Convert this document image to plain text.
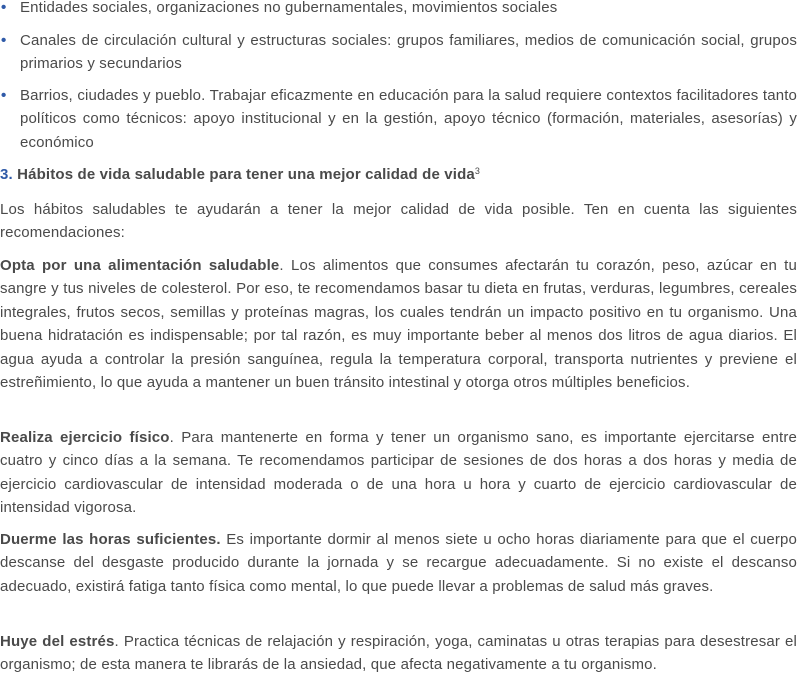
• Entidades sociales, organizaciones no gubernamentales, movimientos sociales
• Canales de circulación cultural y estructuras sociales: grupos familiares, medios de comunicación social, grupos primarios y secundarios
• Barrios, ciudades y pueblo. Trabajar eficazmente en educación para la salud requiere contextos facilitadores tanto políticos como técnicos: apoyo institucional y en la gestión, apoyo técnico (formación, materiales, asesorías) y económico
3. Hábitos de vida saludable para tener una mejor calidad de vida$^3$

Los hábitos saludables te ayudarán a tener la mejor calidad de vida posible. Ten en cuenta las siguientes recomendaciones:

Opta por una alimentación saludable. Los alimentos que consumes afectarán tu corazón, peso, azúcar en tu sangre y tus niveles de colesterol. Por eso, te recomendamos basar tu dieta en frutas, verduras, legumbres, cereales integrales, frutos secos, semillas y proteínas magras, los cuales tendrán un impacto positivo en tu organismo. Una buena hidratación es indispensable; por tal razón, es muy importante beber al menos dos litros de agua diarios. El agua ayuda a controlar la presión sanguínea, regula la temperatura corporal, transporta nutrientes y previene el estreñimiento, lo que ayuda a mantener un buen tránsito intestinal y otorga otros múltiples beneficios.

Realiza ejercicio físico. Para mantenerte en forma y tener un organismo sano, es importante ejercitarse entre cuatro y cinco días a la semana. Te recomendamos participar de sesiones de dos horas a dos horas y media de ejercicio cardiovascular de intensidad moderada o de una hora u hora y cuarto de ejercicio cardiovascular de intensidad vigorosa.

Duerme las horas suficientes. Es importante dormir al menos siete u ocho horas diariamente para que el cuerpo descanse del desgaste producido durante la jornada y se recargue adecuadamente. Si no existe el descanso adecuado, existirá fatiga tanto física como mental, lo que puede llevar a problemas de salud más graves.

Huye del estrés. Practica técnicas de relajación y respiración, yoga, caminatas u otras terapias para desestresar el organismo; de esta manera te librarás de la ansiedad, que afecta negativamente a tu organismo.
